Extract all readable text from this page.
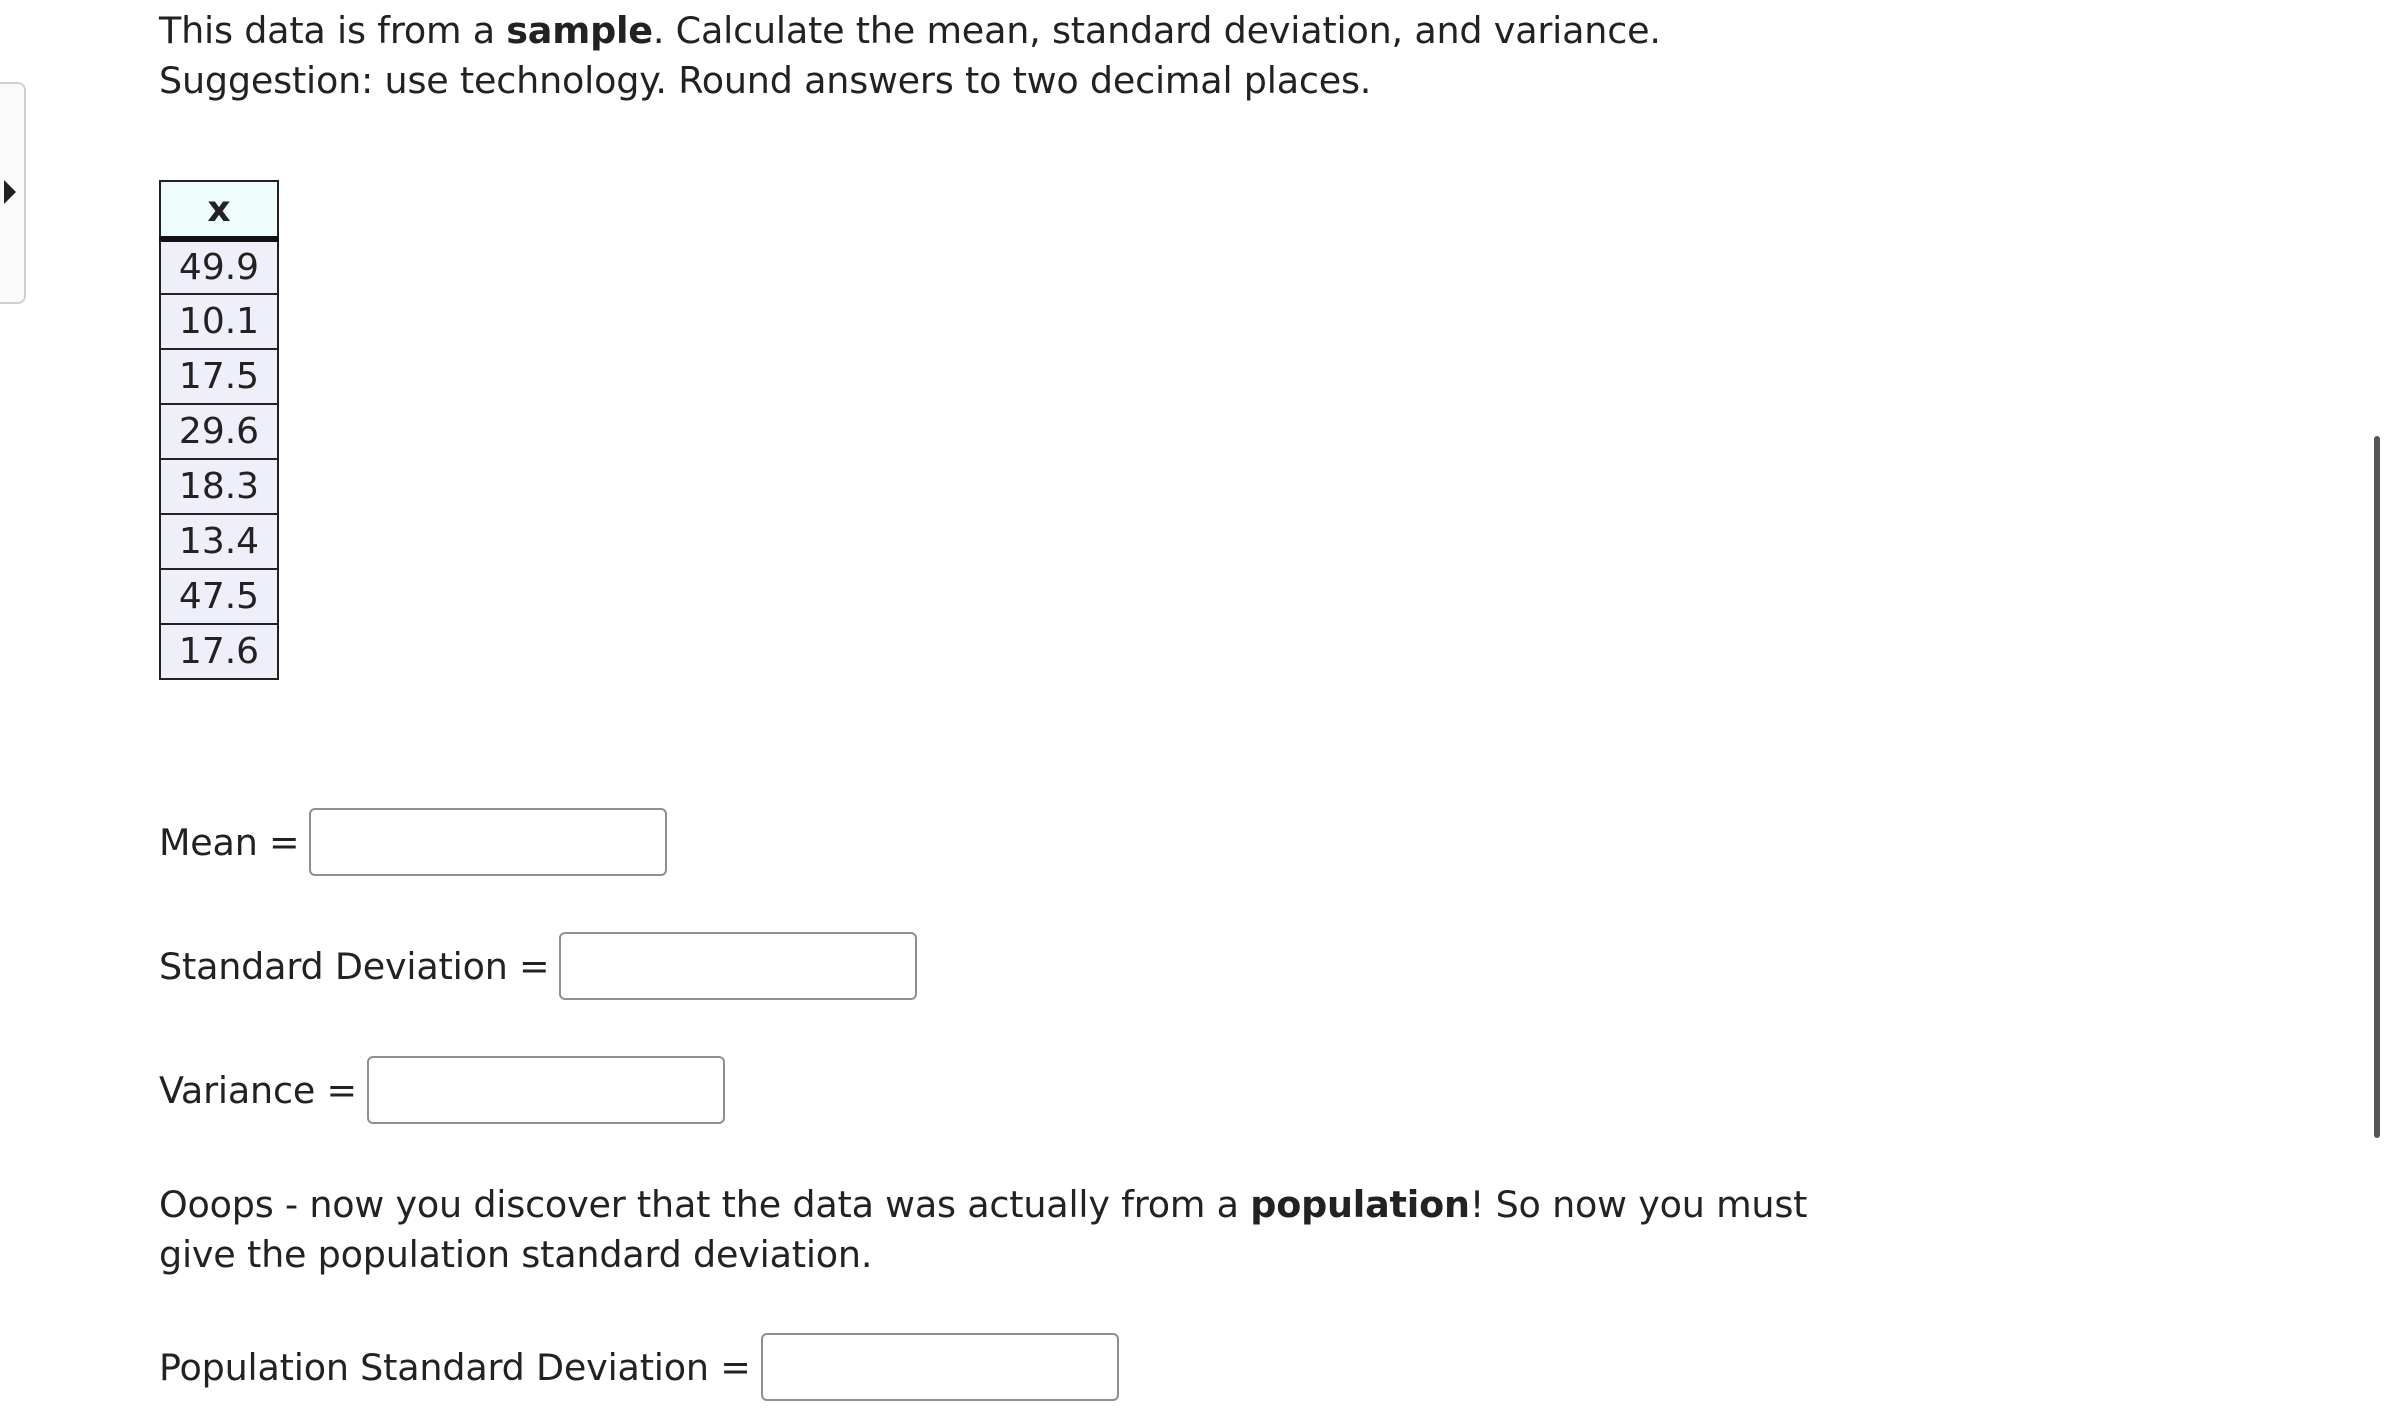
This data is from a sample. Calculate the mean, standard deviation, and variance. Suggestion: use technology. Round answers to two decimal places.

x
49.9
10.1
17.5
29.6
18.3
13.4
47.5
17.6
Mean =
Standard Deviation =
Variance =

Ooops - now you discover that the data was actually from a population! So now you must give the population standard deviation.

Population Standard Deviation =
